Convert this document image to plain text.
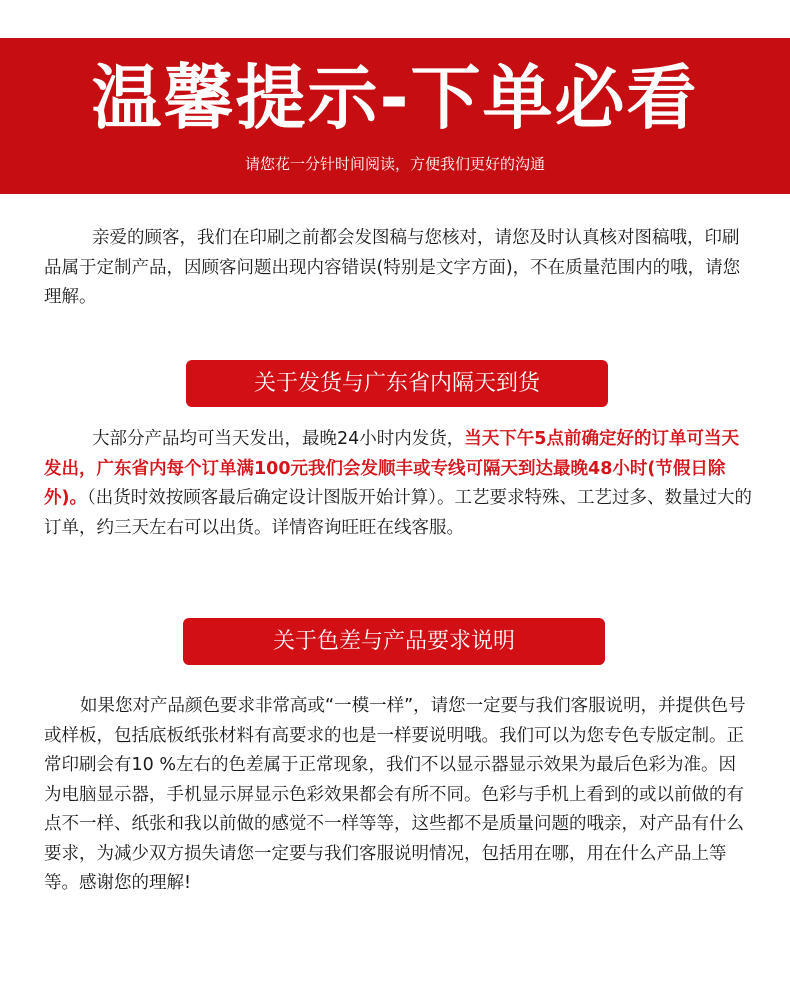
温馨提示-下单必看
请您花一分针时间阅读，方便我们更好的沟通

亲爱的顾客，我们在印刷之前都会发图稿与您核对，请您及时认真核对图稿哦，印刷品属于定制产品，因顾客问题出现内容错误(特别是文字方面)，不在质量范围内的哦，请您理解。

关于发货与广东省内隔天到货

大部分产品均可当天发出，最晚24小时内发货，当天下午5点前确定好的订单可当天发出，广东省内每个订单满100元我们会发顺丰或专线可隔天到达最晚48小时(节假日除外)。（出货时效按顾客最后确定设计图版开始计算）。工艺要求特殊、工艺过多、数量过大的订单，约三天左右可以出货。详情咨询旺旺在线客服。

关于色差与产品要求说明

如果您对产品颜色要求非常高或“一模一样”，请您一定要与我们客服说明，并提供色号或样板，包括底板纸张材料有高要求的也是一样要说明哦。我们可以为您专色专版定制。正常印刷会有10 %左右的色差属于正常现象，我们不以显示器显示效果为最后色彩为准。因为电脑显示器，手机显示屏显示色彩效果都会有所不同。色彩与手机上看到的或以前做的有点不一样、纸张和我以前做的感觉不一样等等，这些都不是质量问题的哦亲，对产品有什么要求，为减少双方损失请您一定要与我们客服说明情况，包括用在哪，用在什么产品上等等。感谢您的理解!
